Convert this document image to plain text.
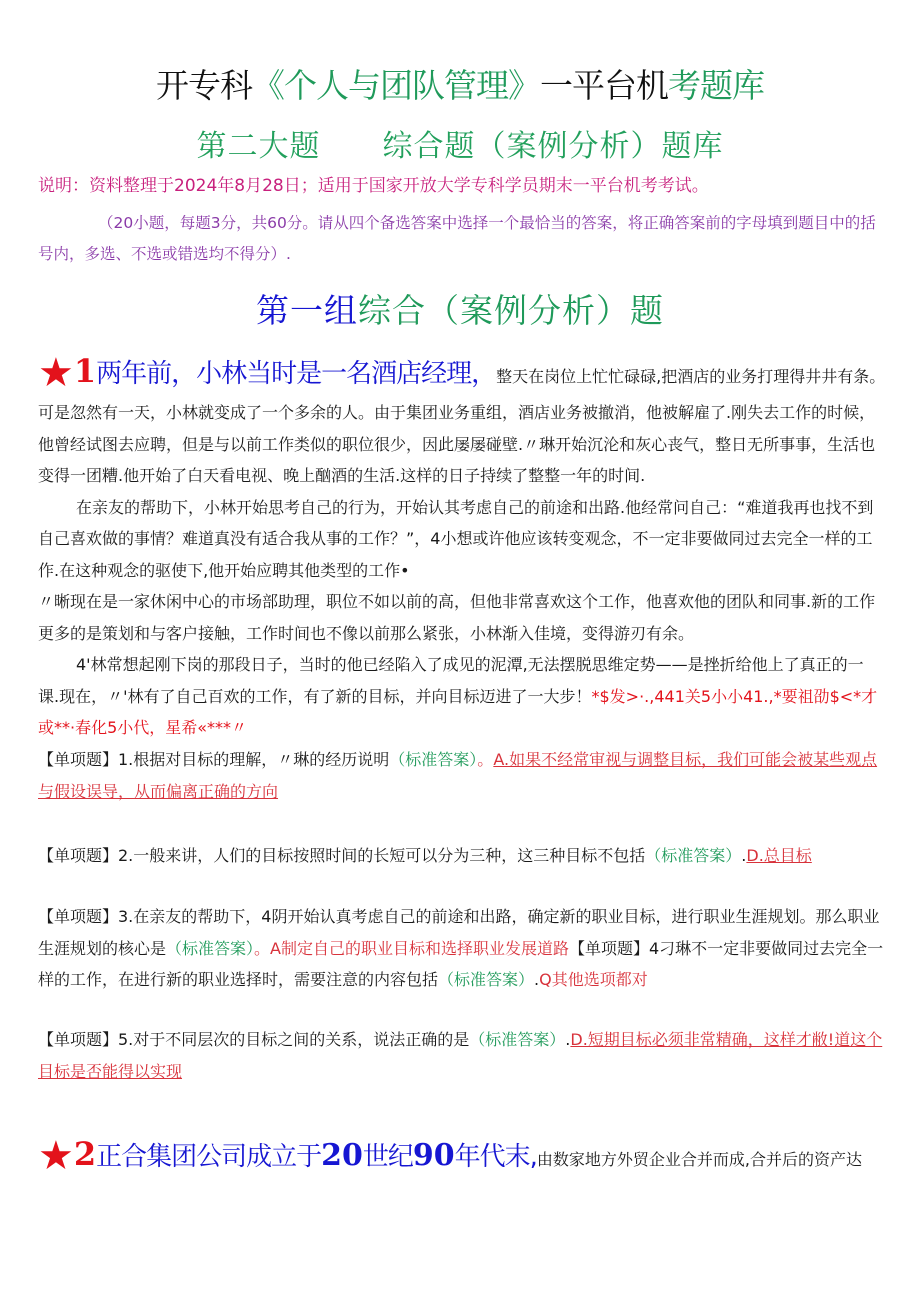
开专科《个人与团队管理》一平台机考题库
第二大题　　综合题（案例分析）题库
说明：资料整理于2024年8月28日；适用于国家开放大学专科学员期末一平台机考考试。
（20小题，每题3分，共60分。请从四个备选答案中选择一个最恰当的答案，将正确答案前的字母填到题目中的括号内，多选、不选或错选均不得分）.
第一组综合（案例分析）题
★1两年前，小林当时是一名酒店经理，整天在岗位上忙忙碌碌,把酒店的业务打理得井井有条。

可是忽然有一天，小林就变成了一个多余的人。由于集团业务重组，酒店业务被撤消，他被解雇了.刚失去工作的时候，他曾经试图去应聘，但是与以前工作类似的职位很少，因此屡屡碰壁.〃琳开始沉沦和灰心丧气，整日无所事事，生活也变得一团糟.他开始了白天看电视、晚上酗酒的生活.这样的日子持续了整整一年的时间.

在亲友的帮助下，小林开始思考自己的行为，开始认其考虑自己的前途和出路.他经常问自己：“难道我再也找不到自己喜欢做的事情？难道真没有适合我从事的工作？”，4小想或许他应该转变观念，不一定非要做同过去完全一样的工作.在这种观念的驱使下,他开始应聘其他类型的工作•

〃晰现在是一家休闲中心的市场部助理，职位不如以前的高，但他非常喜欢这个工作，他喜欢他的团队和同事.新的工作更多的是策划和与客户接触，工作时间也不像以前那么紧张，小林渐入佳境，变得游刃有余。

4'林常想起刚下岗的那段日子，当时的他已经陷入了成见的泥潭,无法摆脱思维定势——是挫折给他上了真正的一课.现在，〃'林有了自己百欢的工作，有了新的目标，并向目标迈进了一大步！*$发>·.,441关5小小41.,*要祖劭$<*才或**·春化5小代，星希«***〃

【单项题】1.根据对目标的理解，〃琳的经历说明（标准答案）。A.如果不经常审视与调整目标，我们可能会被某些观点与假设误导，从而偏离正确的方向
【单项题】2.一般来讲，人们的目标按照时间的长短可以分为三种，这三种目标不包括（标准答案）.D.总目标
【单项题】3.在亲友的帮助下，4阴开始认真考虑自己的前途和出路，确定新的职业目标，进行职业生涯规划。那么职业生涯规划的核心是（标准答案）。A制定自己的职业目标和选择职业发展道路【单项题】4刁琳不一定非要做同过去完全一样的工作，在进行新的职业选择时，需要注意的内容包括（标准答案）.Q其他选项都对
【单项题】5.对于不同层次的目标之间的关系，说法正确的是（标准答案）.D.短期目标必须非常精确，这样才敝!道这个目标是否能得以实现
★2正合集团公司成立于20世纪90年代末,由数家地方外贸企业合并而成,合并后的资产达
